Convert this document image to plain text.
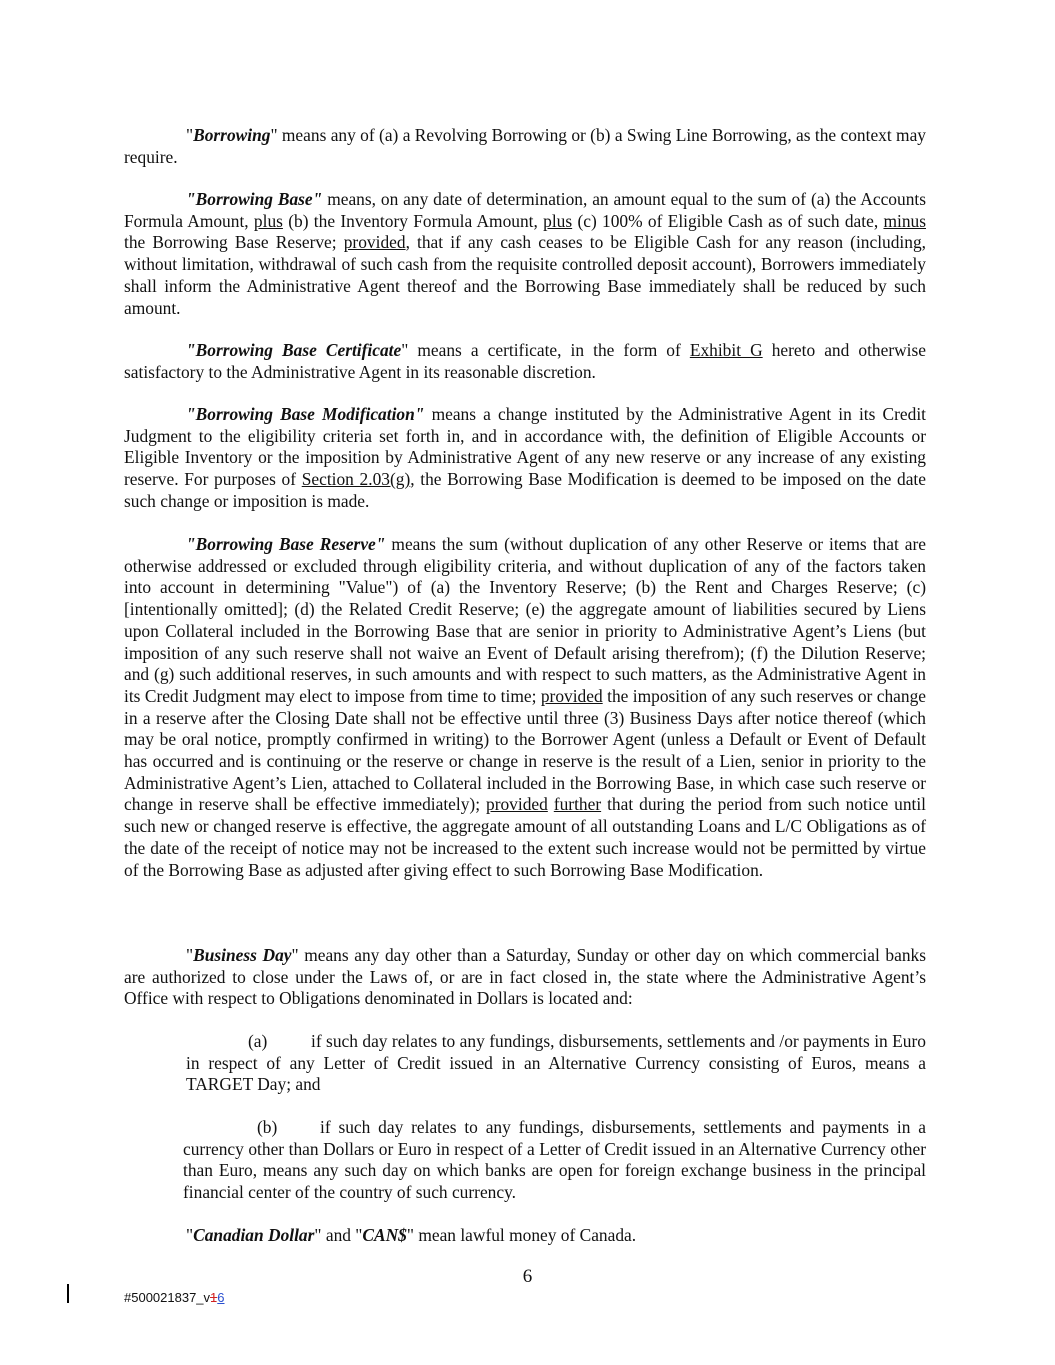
"Borrowing" means any of (a) a Revolving Borrowing or (b) a Swing Line Borrowing, as the context may require.

"Borrowing Base" means, on any date of determination, an amount equal to the sum of (a) the Accounts Formula Amount, plus (b) the Inventory Formula Amount, plus (c) 100% of Eligible Cash as of such date, minus the Borrowing Base Reserve; provided, that if any cash ceases to be Eligible Cash for any reason (including, without limitation, withdrawal of such cash from the requisite controlled deposit account), Borrowers immediately shall inform the Administrative Agent thereof and the Borrowing Base immediately shall be reduced by such amount.

"Borrowing Base Certificate" means a certificate, in the form of Exhibit G hereto and otherwise satisfactory to the Administrative Agent in its reasonable discretion.

"Borrowing Base Modification" means a change instituted by the Administrative Agent in its Credit Judgment to the eligibility criteria set forth in, and in accordance with, the definition of Eligible Accounts or Eligible Inventory or the imposition by Administrative Agent of any new reserve or any increase of any existing reserve. For purposes of Section 2.03(g), the Borrowing Base Modification is deemed to be imposed on the date such change or imposition is made.

"Borrowing Base Reserve" means the sum (without duplication of any other Reserve or items that are otherwise addressed or excluded through eligibility criteria, and without duplication of any of the factors taken into account in determining "Value") of (a) the Inventory Reserve; (b) the Rent and Charges Reserve; (c) [intentionally omitted]; (d) the Related Credit Reserve; (e) the aggregate amount of liabilities secured by Liens upon Collateral included in the Borrowing Base that are senior in priority to Administrative Agent’s Liens (but imposition of any such reserve shall not waive an Event of Default arising therefrom); (f) the Dilution Reserve; and (g) such additional reserves, in such amounts and with respect to such matters, as the Administrative Agent in its Credit Judgment may elect to impose from time to time; provided the imposition of any such reserves or change in a reserve after the Closing Date shall not be effective until three (3) Business Days after notice thereof (which may be oral notice, promptly confirmed in writing) to the Borrower Agent (unless a Default or Event of Default has occurred and is continuing or the reserve or change in reserve is the result of a Lien, senior in priority to the Administrative Agent’s Lien, attached to Collateral included in the Borrowing Base, in which case such reserve or change in reserve shall be effective immediately); provided further that during the period from such notice until such new or changed reserve is effective, the aggregate amount of all outstanding Loans and L/C Obligations as of the date of the receipt of notice may not be increased to the extent such increase would not be permitted by virtue of the Borrowing Base as adjusted after giving effect to such Borrowing Base Modification.

"Business Day" means any day other than a Saturday, Sunday or other day on which commercial banks are authorized to close under the Laws of, or are in fact closed in, the state where the Administrative Agent’s Office with respect to Obligations denominated in Dollars is located and:

(a)	if such day relates to any fundings, disbursements, settlements and /or payments in Euro in respect of any Letter of Credit issued in an Alternative Currency consisting of Euros, means a TARGET Day; and

(b) if such day relates to any fundings, disbursements, settlements and payments in a currency other than Dollars or Euro in respect of a Letter of Credit issued in an Alternative Currency other than Euro, means any such day on which banks are open for foreign exchange business in the principal financial center of the country of such currency.

"Canadian Dollar" and "CAN$" mean lawful money of Canada.

6
#500021837_v16
